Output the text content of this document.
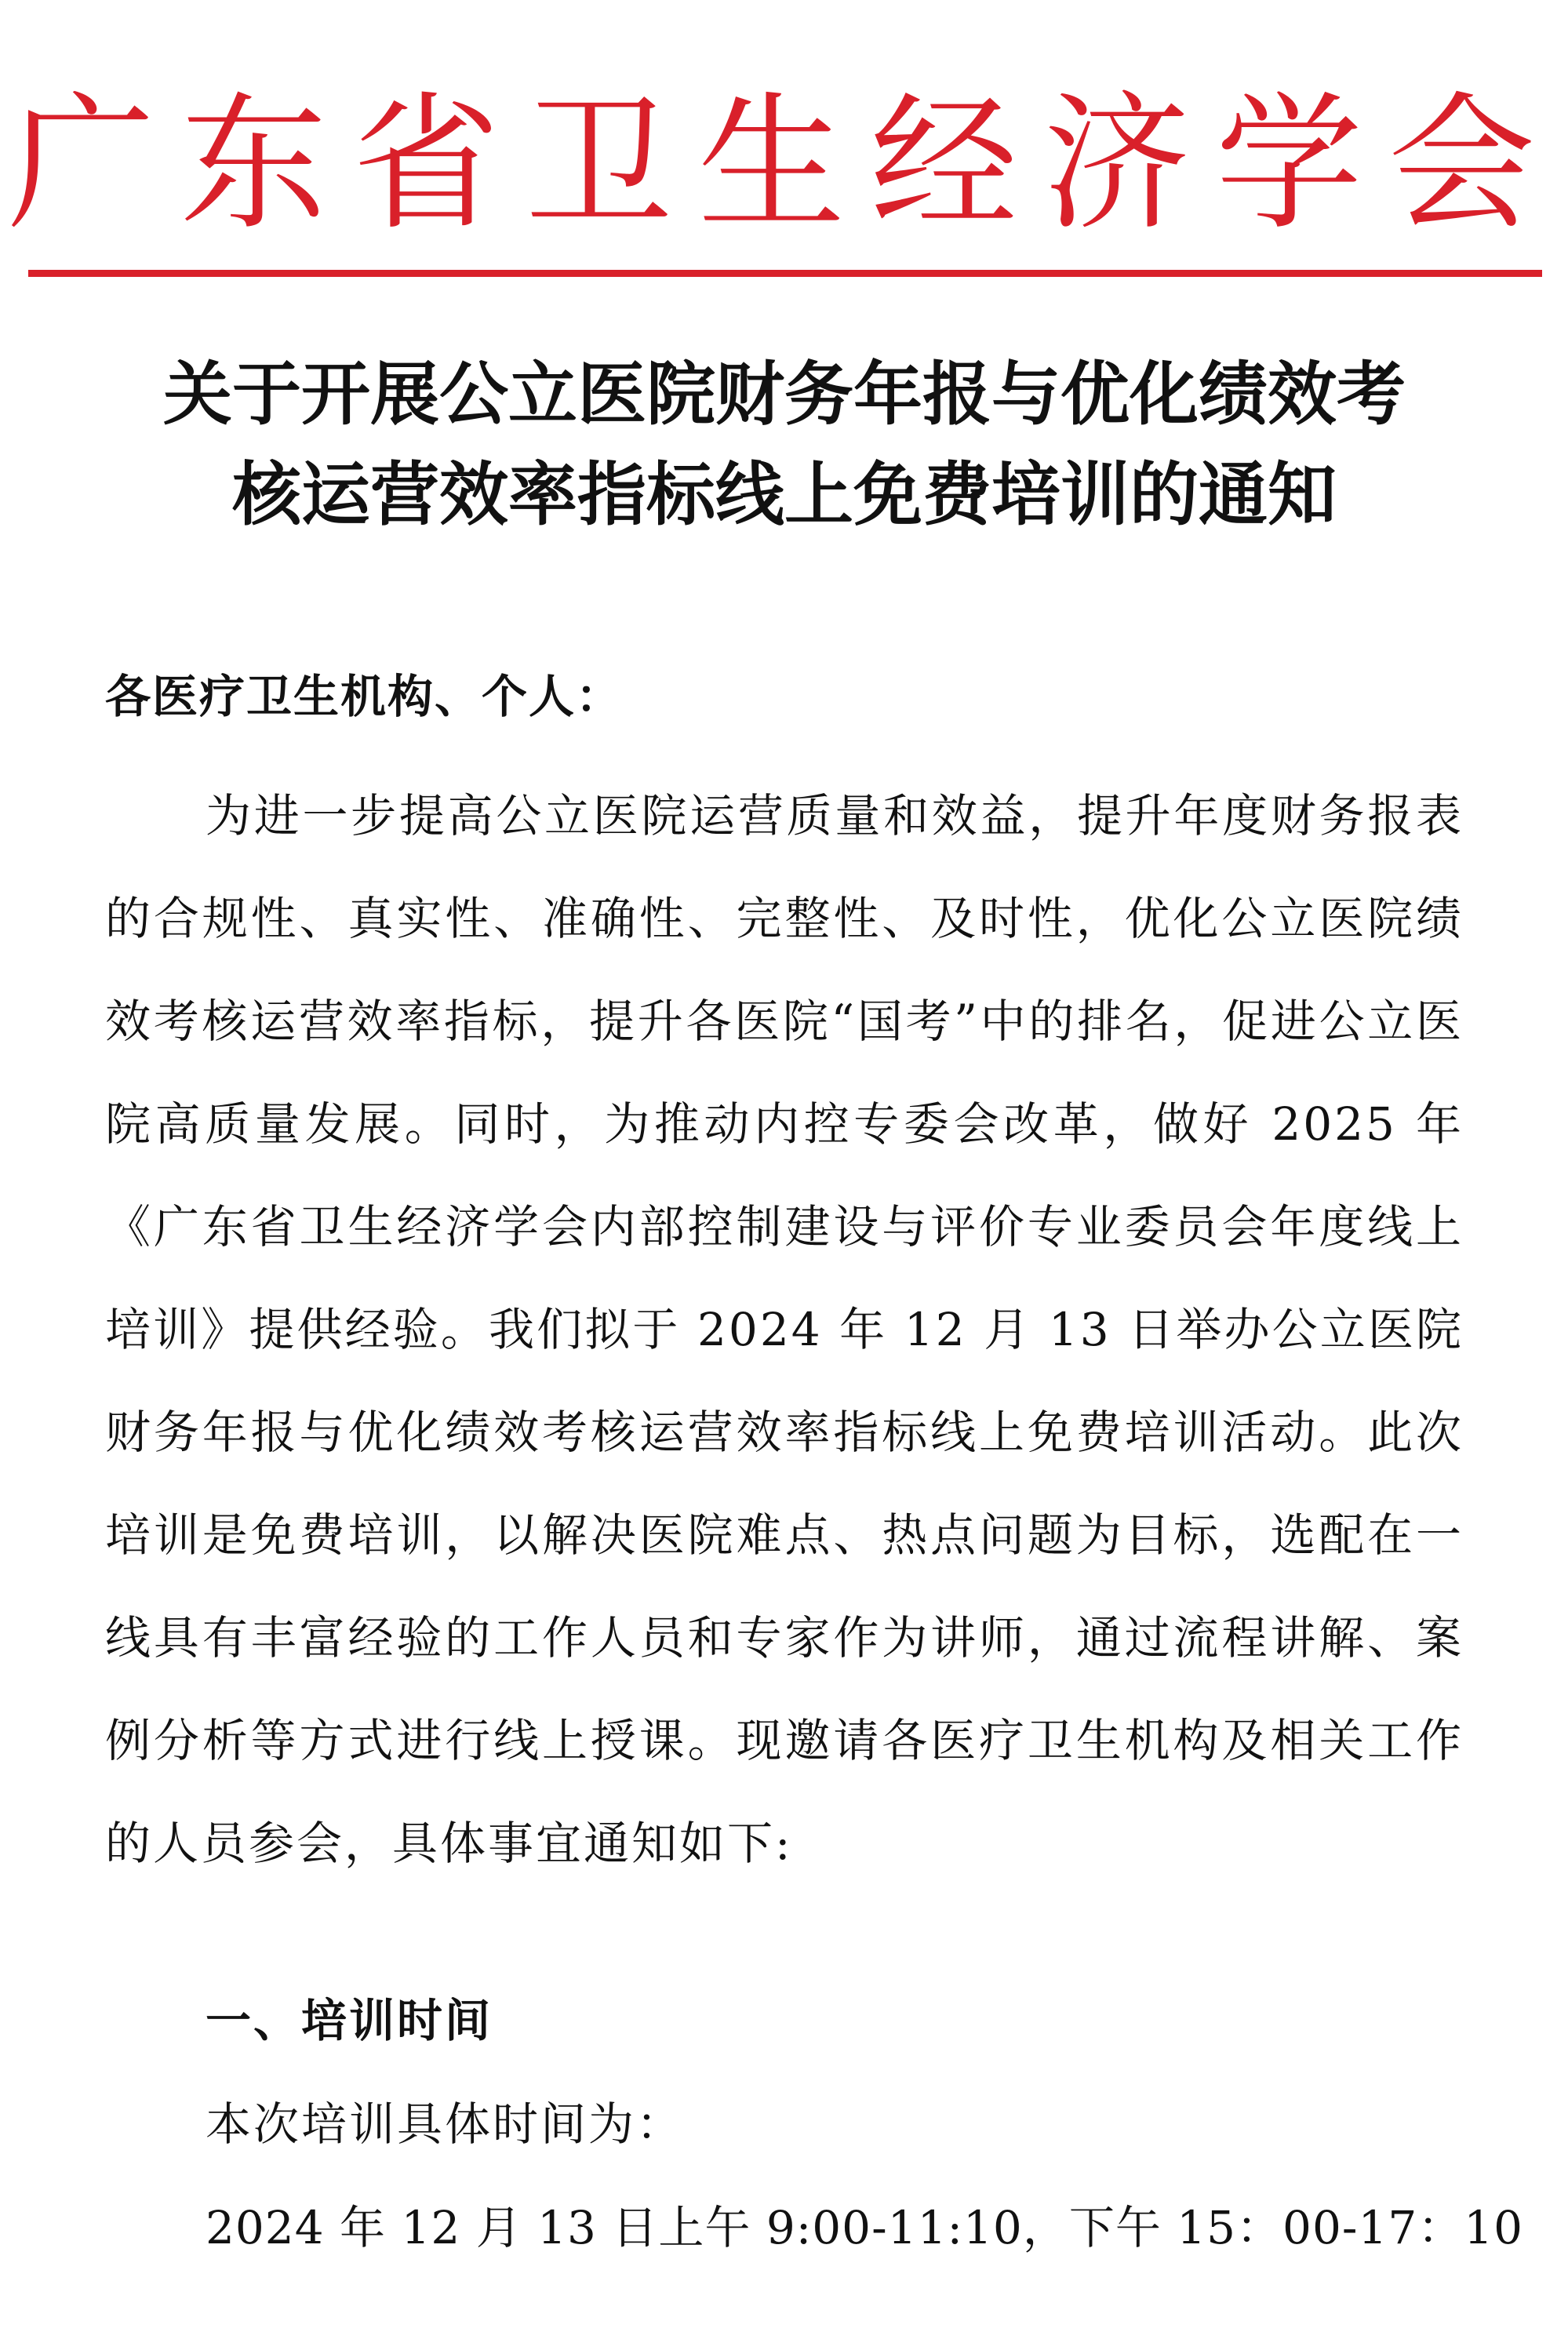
广东省卫生经济学会
关于开展公立医院财务年报与优化绩效考
核运营效率指标线上免费培训的通知
各医疗卫生机构、个人：
为进一步提高公立医院运营质量和效益，提升年度财务报表的合规性、真实性、准确性、完整性、及时性，优化公立医院绩效考核运营效率指标，提升各医院“国考”中的排名，促进公立医院高质量发展。同时，为推动内控专委会改革，做好 2025 年《广东省卫生经济学会内部控制建设与评价专业委员会年度线上培训》提供经验。我们拟于 2024 年 12 月 13 日举办公立医院财务年报与优化绩效考核运营效率指标线上免费培训活动。此次培训是免费培训，以解决医院难点、热点问题为目标，选配在一线具有丰富经验的工作人员和专家作为讲师，通过流程讲解、案例分析等方式进行线上授课。现邀请各医疗卫生机构及相关工作的人员参会，具体事宜通知如下:
一、培训时间
本次培训具体时间为：
2024 年 12 月 13 日上午 9:00-11:10，下午 15：00-17：10
